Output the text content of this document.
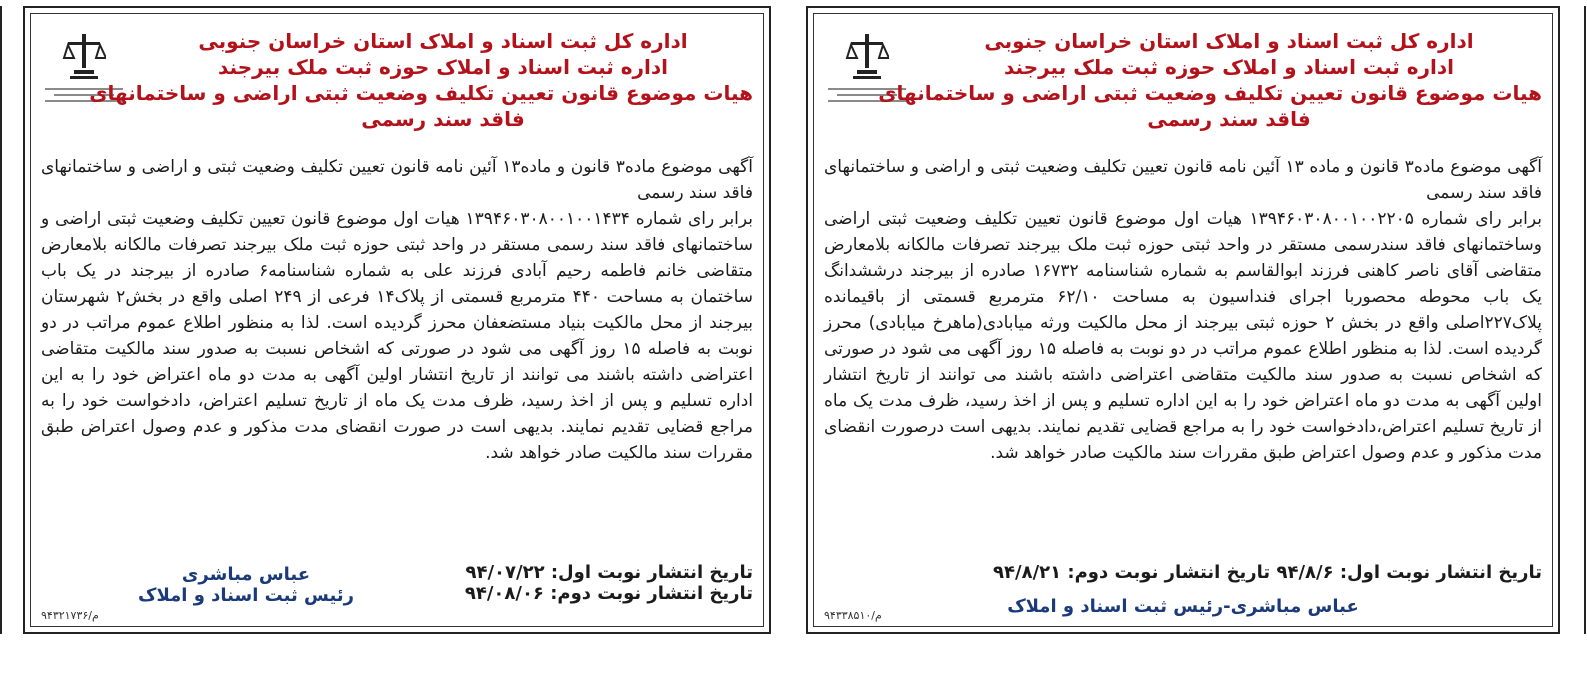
اداره کل ثبت اسناد و املاک استان خراسان جنوبی
اداره ثبت اسناد و املاک حوزه ثبت ملک بیرجند
هیات موضوع قانون تعیین تکلیف وضعیت ثبتی اراضی و ساختمانهای
فاقد سند رسمی

آگهی موضوع ماده۳ قانون و ماده ۱۳ آئین نامه قانون تعیین تکلیف وضعیت ثبتی و اراضی و ساختمانهای فاقد سند رسمی

برابر رای شماره ۱۳۹۴۶۰۳۰۸۰۰۱۰۰۲۲۰۵ هیات اول موضوع قانون تعیین تکلیف وضعیت ثبتی اراضی وساختمانهای فاقد سندرسمی مستقر در واحد ثبتی حوزه ثبت ملک بیرجند تصرفات مالکانه بلامعارض متقاضی آقای ناصر کاهنی فرزند ابوالقاسم به شماره شناسنامه ۱۶۷۳۲ صادره از بیرجند درششدانگ یک باب محوطه محصوربا اجرای فنداسیون به مساحت ۶۲/۱۰ مترمربع قسمتی از باقیمانده پلاک۲۲۷اصلی واقع در بخش ۲ حوزه ثبتی بیرجند از محل مالکیت ورثه میابادی(ماهرخ میابادی) محرز گردیده است. لذا به منظور اطلاع عموم مراتب در دو نوبت به فاصله ۱۵ روز آگهی می شود در صورتی که اشخاص نسبت به صدور سند مالکیت متقاضی اعتراضی داشته باشند می توانند از تاریخ انتشار اولین آگهی به مدت دو ماه اعتراض خود را به این اداره تسلیم و پس از اخذ رسید، ظرف مدت یک ماه از تاریخ تسلیم اعتراض،دادخواست خود را به مراجع قضایی تقدیم نمایند. بدیهی است درصورت انقضای مدت مذکور و عدم وصول اعتراض طبق مقررات سند مالکیت صادر خواهد شد.

تاریخ انتشار نوبت اول: ۹۴/۸/۶ تاریخ انتشار نوبت دوم: ۹۴/۸/۲۱
عباس مباشری-رئیس ثبت اسناد و املاک
م/۹۴۳۳۸۵۱۰
اداره کل ثبت اسناد و املاک استان خراسان جنوبی
اداره ثبت اسناد و املاک حوزه ثبت ملک بیرجند
هیات موضوع قانون تعیین تکلیف وضعیت ثبتی اراضی و ساختمانهای
فاقد سند رسمی

آگهی موضوع ماده۳ قانون و ماده۱۳ آئین نامه قانون تعیین تکلیف وضعیت ثبتی و اراضی و ساختمانهای فاقد سند رسمی

برابر رای شماره ۱۳۹۴۶۰۳۰۸۰۰۱۰۰۱۴۳۴ هیات اول موضوع قانون تعیین تکلیف وضعیت ثبتی اراضی و ساختمانهای فاقد سند رسمی مستقر در واحد ثبتی حوزه ثبت ملک بیرجند تصرفات مالکانه بلامعارض متقاضی خانم فاطمه رحیم آبادی فرزند علی به شماره شناسنامه۶ صادره از بیرجند در یک باب ساختمان به مساحت ۴۴۰ مترمربع قسمتی از پلاک۱۴ فرعی از ۲۴۹ اصلی واقع در بخش۲ شهرستان بیرجند از محل مالکیت بنیاد مستضعفان محرز گردیده است. لذا به منظور اطلاع عموم مراتب در دو نوبت به فاصله ۱۵ روز آگهی می شود در صورتی که اشخاص نسبت به صدور سند مالکیت متقاضی اعتراضی داشته باشند می توانند از تاریخ انتشار اولین آگهی به مدت دو ماه اعتراض خود را به این اداره تسلیم و پس از اخذ رسید، ظرف مدت یک ماه از تاریخ تسلیم اعتراض، دادخواست خود را به مراجع قضایی تقدیم نمایند. بدیهی است در صورت انقضای مدت مذکور و عدم وصول اعتراض طبق مقررات سند مالکیت صادر خواهد شد.

تاریخ انتشار نوبت اول: ۹۴/۰۷/۲۲
تاریخ انتشار نوبت دوم: ۹۴/۰۸/۰۶
عباس مباشری
رئیس ثبت اسناد و املاک
م/۹۴۳۲۱۷۳۶
